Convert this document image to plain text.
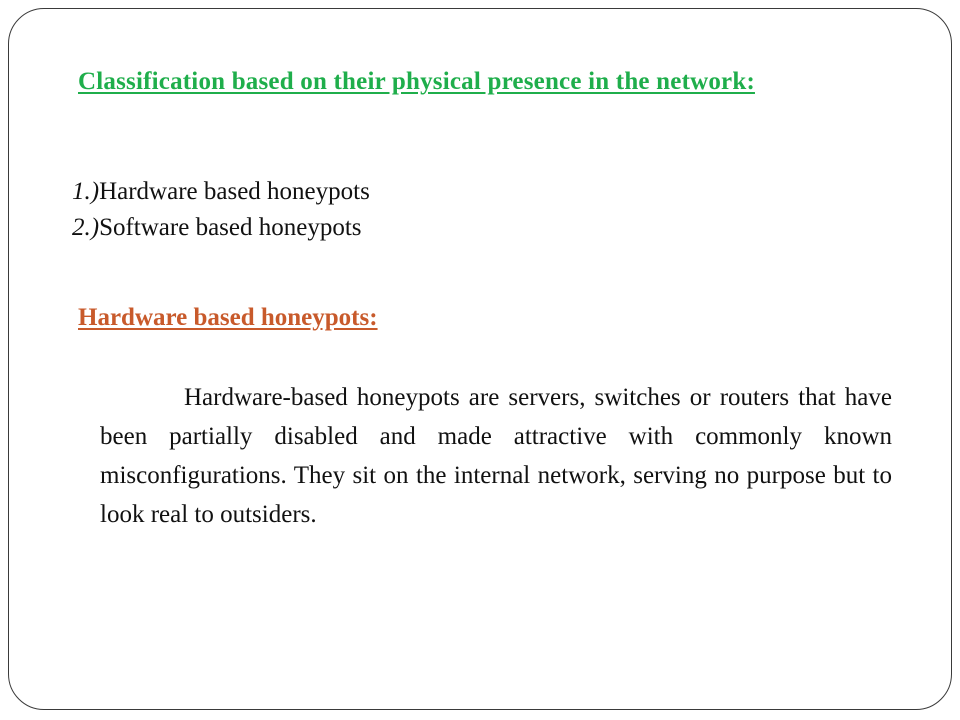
Classification based on their physical presence in the network:
1.)Hardware based honeypots
2.)Software based honeypots
Hardware based honeypots:

Hardware-based honeypots are servers, switches or routers that have been partially disabled and made attractive with commonly known misconfigurations. They sit on the internal network, serving no purpose but to look real to outsiders.
